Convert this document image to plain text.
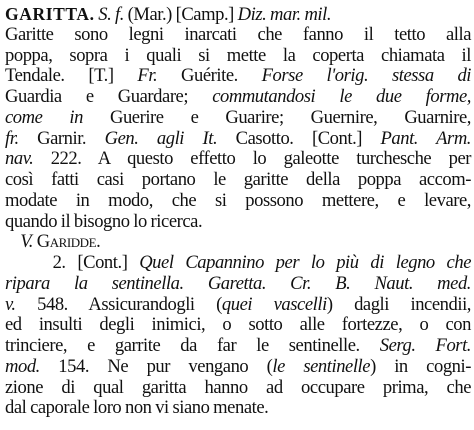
GARITTA. S. f. (Mar.) [Camp.] Diz. mar. mil.
Garitte sono legni inarcati che fanno il tetto alla
poppa, sopra i quali si mette la coperta chiamata il
Tendale. [T.] Fr. Guérite. Forse l'orig. stessa di
Guardia e Guardare; commutandosi le due forme,
come in Guerire e Guarire; Guernire, Guarnire,
fr. Garnir. Gen. agli It. Casotto. [Cont.] Pant. Arm.
nav. 222. A questo effetto lo galeotte turchesche per
così fatti casi portano le garitte della poppa accom-
modate in modo, che si possono mettere, e levare,
quando il bisogno lo ricerca.
V. Garidde.
2. [Cont.] Quel Capannino per lo più di legno che
ripara la sentinella. Garetta. Cr. B. Naut. med.
v. 548. Assicurandogli (quei vascelli) dagli incendii,
ed insulti degli inimici, o sotto alle fortezze, o con
trinciere, e garrite da far le sentinelle. Serg. Fort.
mod. 154. Ne pur vengano (le sentinelle) in cogni-
zione di qual garitta hanno ad occupare prima, che
dal caporale loro non vi siano menate.
